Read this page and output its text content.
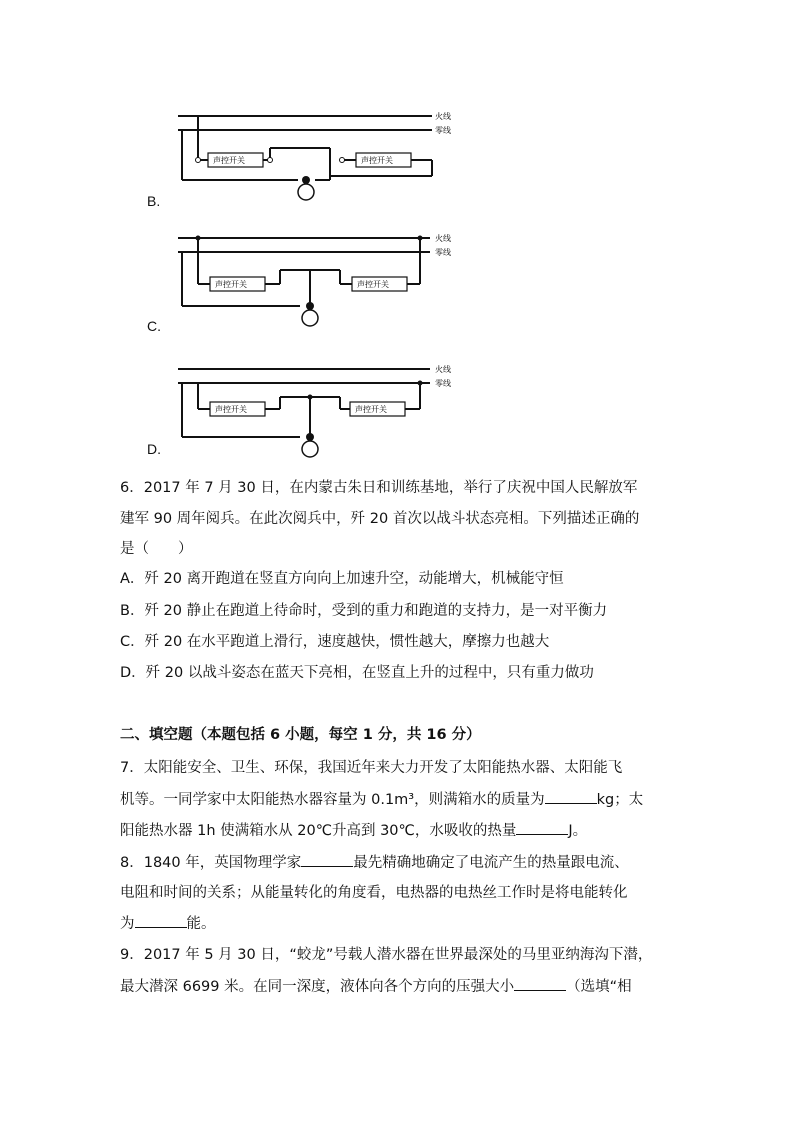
火线
零线
声控开关	声控开关
B.
火线
零线
声控开关	声控开关
C.
火线
零线
声控开关	声控开关
D.
6．2017 年 7 月 30 日，在内蒙古朱日和训练基地，举行了庆祝中国人民解放军
建军 90 周年阅兵。在此次阅兵中，歼 20 首次以战斗状态亮相。下列描述正确的
是（　　）
A．歼 20 离开跑道在竖直方向向上加速升空，动能增大，机械能守恒
B．歼 20 静止在跑道上待命时，受到的重力和跑道的支持力，是一对平衡力
C．歼 20 在水平跑道上滑行，速度越快，惯性越大，摩擦力也越大
D．歼 20 以战斗姿态在蓝天下亮相，在竖直上升的过程中，只有重力做功
二、填空题（本题包括 6 小题，每空 1 分，共 16 分）
7．太阳能安全、卫生、环保，我国近年来大力开发了太阳能热水器、太阳能飞
机等。一同学家中太阳能热水器容量为 0.1m³，则满箱水的质量为	kg；太
阳能热水器 1h 使满箱水从 20℃升高到 30℃，水吸收的热量	J。
8．1840 年，英国物理学家	最先精确地确定了电流产生的热量跟电流、
电阻和时间的关系；从能量转化的角度看，电热器的电热丝工作时是将电能转化
为	能。
9．2017 年 5 月 30 日，“蛟龙”号载人潜水器在世界最深处的马里亚纳海沟下潜，
最大潜深 6699 米。在同一深度，液体向各个方向的压强大小	（选填“相
